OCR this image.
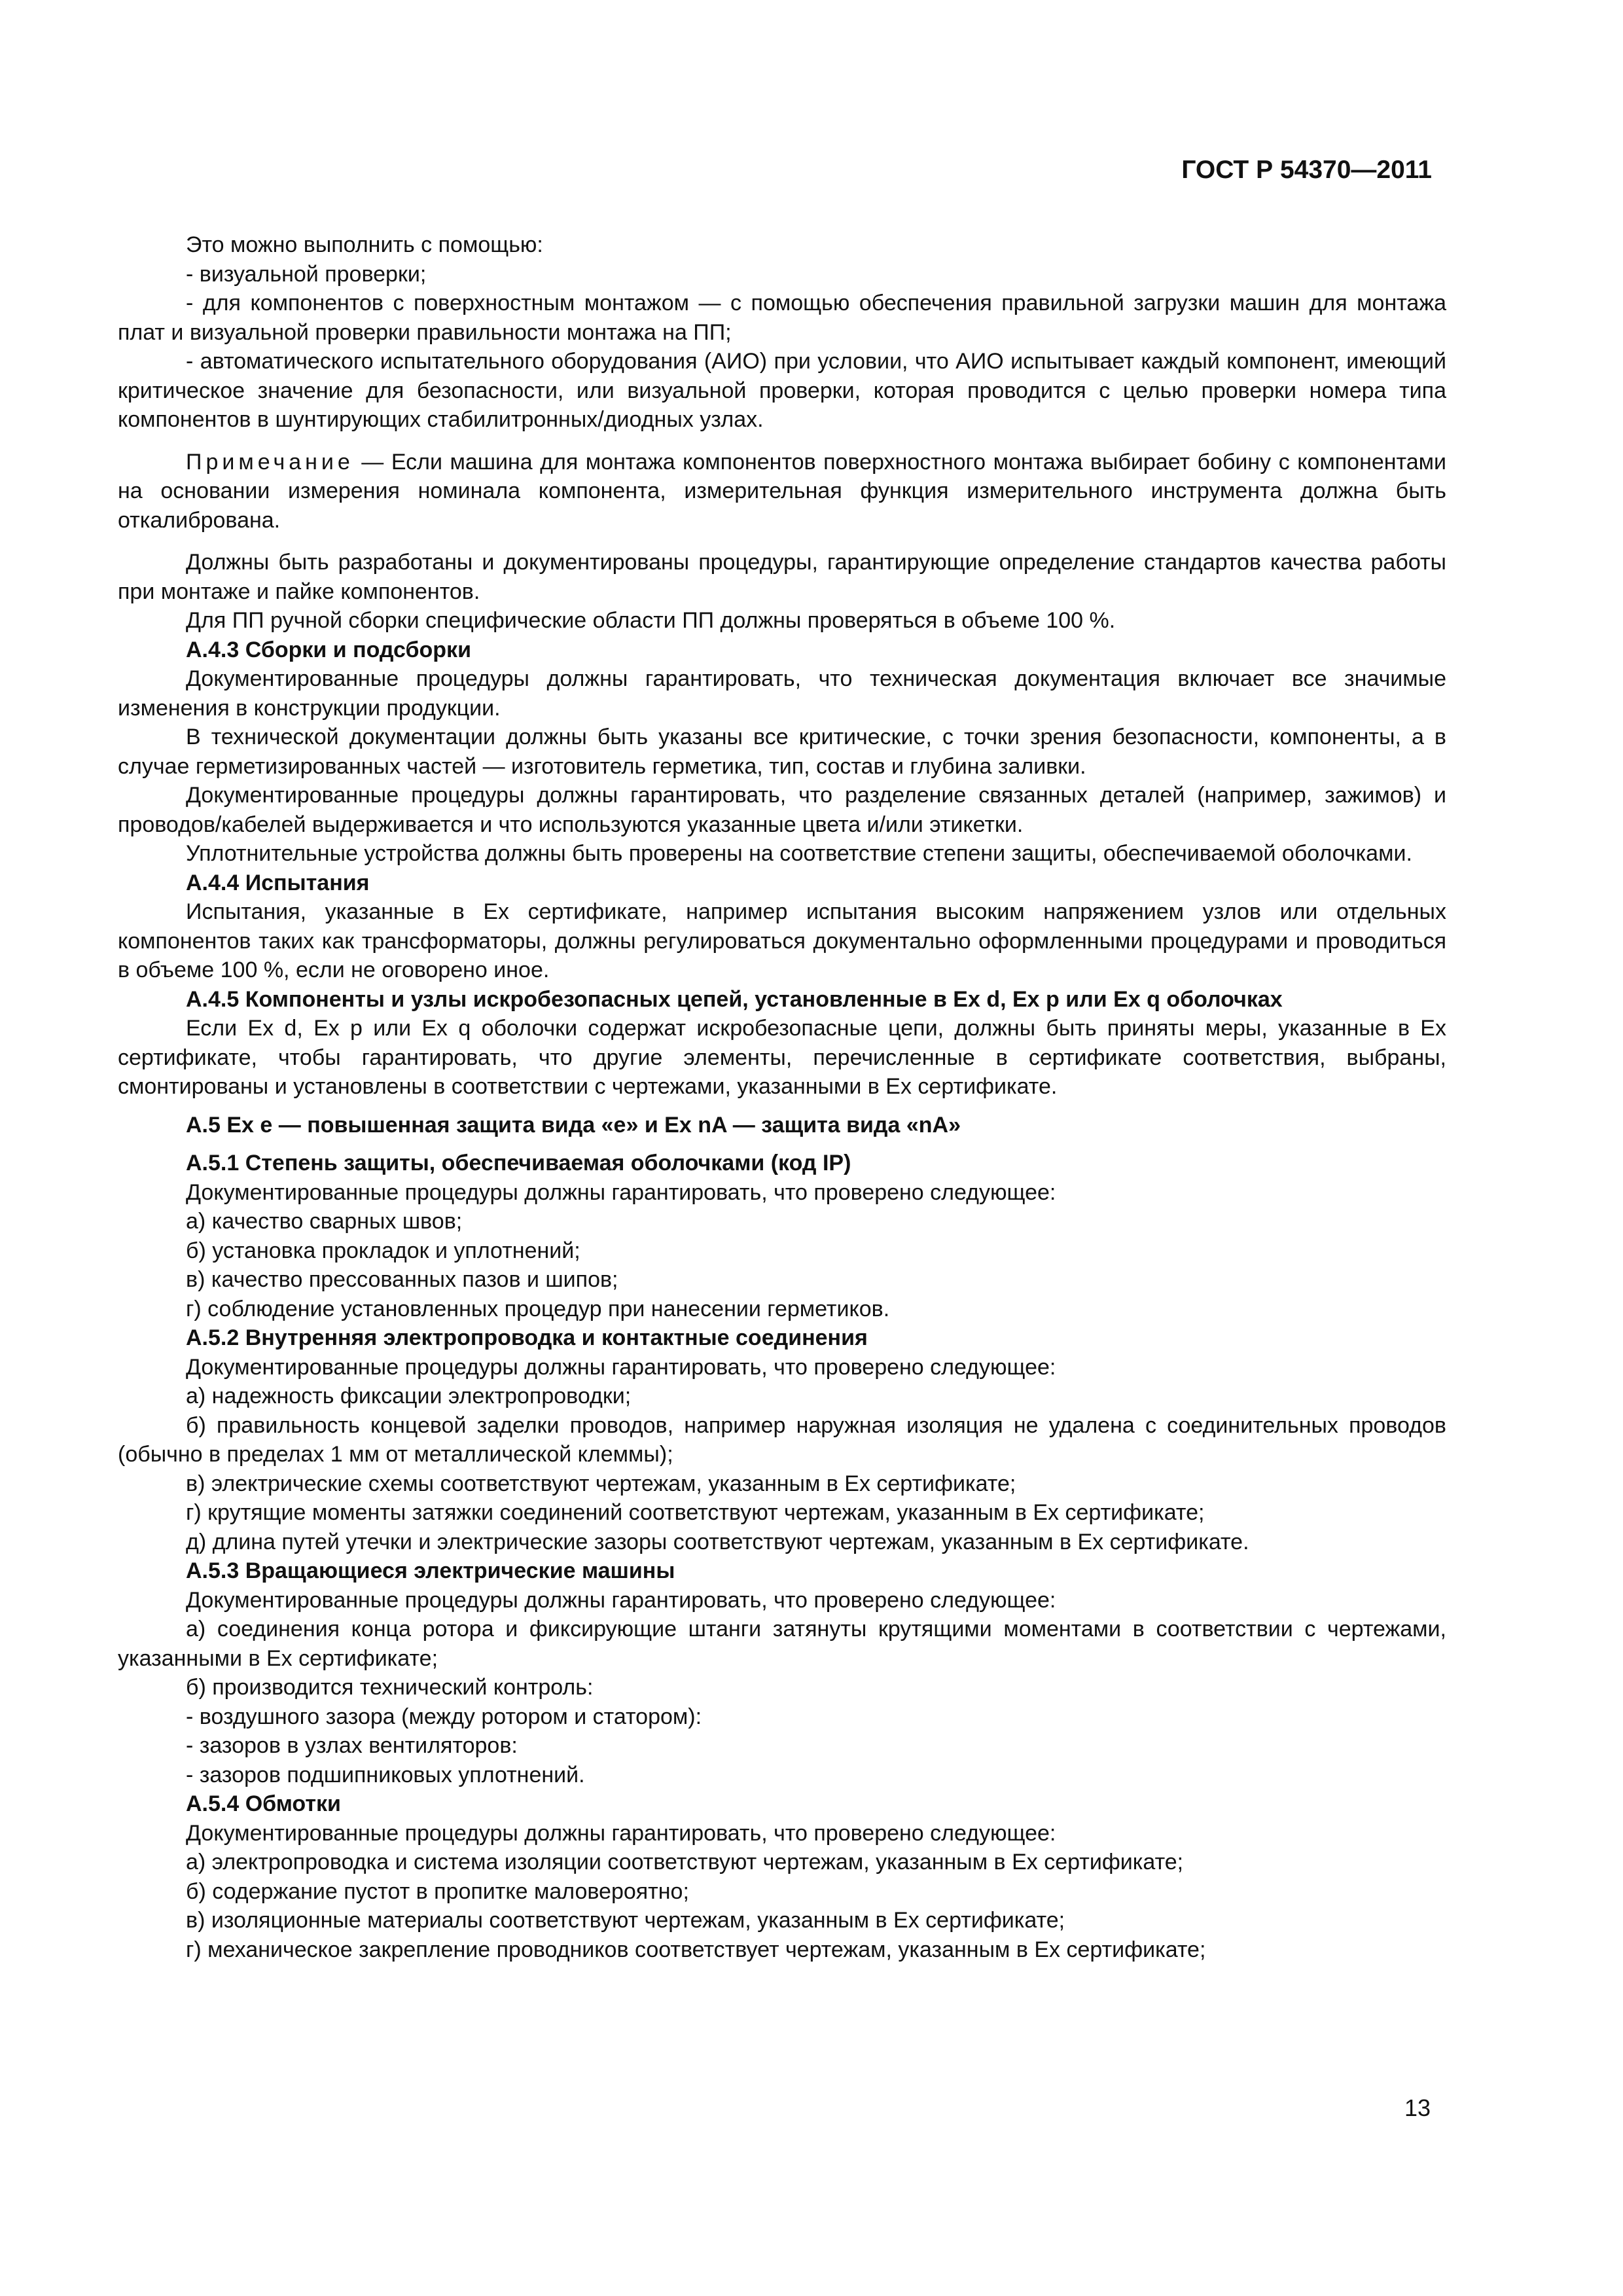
ГОСТ Р 54370—2011

Это можно выполнить с помощью:

- визуальной проверки;

- для компонентов с поверхностным монтажом — с помощью обеспечения правильной загрузки машин для монтажа плат и визуальной проверки правильности монтажа на ПП;

- автоматического испытательного оборудования (АИО) при условии, что АИО испытывает каждый компонент, имеющий критическое значение для безопасности, или визуальной проверки, которая проводится с целью проверки номера типа компонентов в шунтирующих стабилитронных/диодных узлах.

Примечание — Если машина для монтажа компонентов поверхностного монтажа выбирает бобину с компонентами на основании измерения номинала компонента, измерительная функция измерительного инструмента должна быть откалибрована.

Должны быть разработаны и документированы процедуры, гарантирующие определение стандартов качества работы при монтаже и пайке компонентов.

Для ПП ручной сборки специфические области ПП должны проверяться в объеме 100 %.

А.4.3 Сборки и подсборки

Документированные процедуры должны гарантировать, что техническая документация включает все значимые изменения в конструкции продукции.

В технической документации должны быть указаны все критические, с точки зрения безопасности, компоненты, а в случае герметизированных частей — изготовитель герметика, тип, состав и глубина заливки.

Документированные процедуры должны гарантировать, что разделение связанных деталей (например, зажимов) и проводов/кабелей выдерживается и что используются указанные цвета и/или этикетки.

Уплотнительные устройства должны быть проверены на соответствие степени защиты, обеспечиваемой оболочками.

А.4.4 Испытания

Испытания, указанные в Ex сертификате, например испытания высоким напряжением узлов или отдельных компонентов таких как трансформаторы, должны регулироваться документально оформленными процедурами и проводиться в объеме 100 %, если не оговорено иное.

А.4.5 Компоненты и узлы искробезопасных цепей, установленные в Ex d, Ex p или Ex q оболочках

Если Ex d, Ex p или Ex q оболочки содержат искробезопасные цепи, должны быть приняты меры, указанные в Ex сертификате, чтобы гарантировать, что другие элементы, перечисленные в сертификате соответствия, выбраны, смонтированы и установлены в соответствии с чертежами, указанными в Ex сертификате.

А.5 Ex e — повышенная защита вида «е» и Ex nA — защита вида «nA»

А.5.1 Степень защиты, обеспечиваемая оболочками (код IP)

Документированные процедуры должны гарантировать, что проверено следующее:

а) качество сварных швов;

б) установка прокладок и уплотнений;

в) качество прессованных пазов и шипов;

г) соблюдение установленных процедур при нанесении герметиков.

А.5.2 Внутренняя электропроводка и контактные соединения

Документированные процедуры должны гарантировать, что проверено следующее:

а) надежность фиксации электропроводки;

б) правильность концевой заделки проводов, например наружная изоляция не удалена с соединительных проводов (обычно в пределах 1 мм от металлической клеммы);

в) электрические схемы соответствуют чертежам, указанным в Ex сертификате;

г) крутящие моменты затяжки соединений соответствуют чертежам, указанным в Ex сертификате;

д) длина путей утечки и электрические зазоры соответствуют чертежам, указанным в Ex сертификате.

А.5.3 Вращающиеся электрические машины

Документированные процедуры должны гарантировать, что проверено следующее:

а) соединения конца ротора и фиксирующие штанги затянуты крутящими моментами в соответствии с чертежами, указанными в Ex сертификате;

б) производится технический контроль:

- воздушного зазора (между ротором и статором):

- зазоров в узлах вентиляторов:

- зазоров подшипниковых уплотнений.

А.5.4 Обмотки

Документированные процедуры должны гарантировать, что проверено следующее:

а) электропроводка и система изоляции соответствуют чертежам, указанным в Ex сертификате;

б) содержание пустот в пропитке маловероятно;

в) изоляционные материалы соответствуют чертежам, указанным в Ex сертификате;

г) механическое закрепление проводников соответствует чертежам, указанным в Ex сертификате;

13
